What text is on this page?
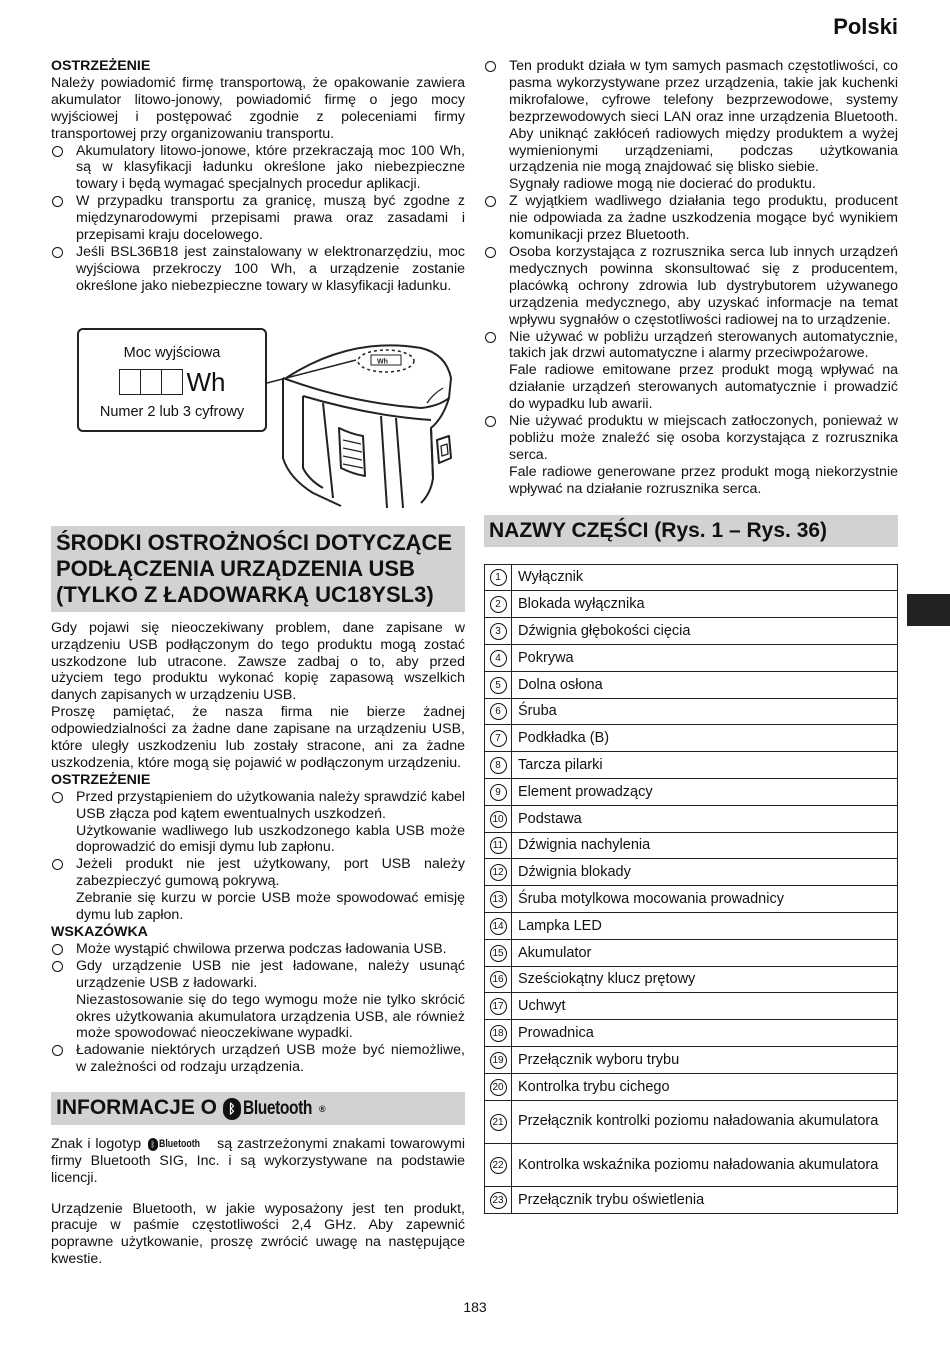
Polski

OSTRZEŻENIE

Należy powiadomić firmę transportową, że opakowanie zawiera akumulator litowo-jonowy, powiadomić firmę o jego mocy wyjściowej i postępować zgodnie z poleceniami firmy transportowej przy organizowaniu transportu.

Akumulatory litowo-jonowe, które przekraczają moc 100 Wh, są w klasyfikacji ładunku określone jako niebezpieczne towary i będą wymagać specjalnych procedur aplikacji.

W przypadku transportu za granicę, muszą być zgodne z międzynarodowymi przepisami prawa oraz zasadami i przepisami kraju docelowego.

Jeśli BSL36B18 jest zainstalowany w elektronarzędziu, moc wyjściowa przekroczy 100 Wh, a urządzenie zostanie określone jako niebezpieczne towary w klasyfikacji ładunku.

Wh
Moc wyjściowa
Wh
Numer 2 lub 3 cyfrowy
ŚRODKI OSTROŻNOŚCI DOTYCZĄCE
PODŁĄCZENIA URZĄDZENIA USB
(TYLKO Z ŁADOWARKĄ UC18YSL3)

Gdy pojawi się nieoczekiwany problem, dane zapisane w urządzeniu USB podłączonym do tego produktu mogą zostać uszkodzone lub utracone. Zawsze zadbaj o to, aby przed użyciem tego produktu wykonać kopię zapasową wszelkich danych zapisanych w urządzeniu USB.

Proszę pamiętać, że nasza firma nie bierze żadnej odpowiedzialności za żadne dane zapisane na urządzeniu USB, które uległy uszkodzeniu lub zostały stracone, ani za żadne uszkodzenia, które mogą się pojawić w podłączonym urządzeniu.

OSTRZEŻENIE

Przed przystąpieniem do użytkowania należy sprawdzić kabel USB złącza pod kątem ewentualnych uszkodzeń.

Użytkowanie wadliwego lub uszkodzonego kabla USB może doprowadzić do emisji dymu lub zapłonu.

Jeżeli produkt nie jest użytkowany, port USB należy zabezpieczyć gumową pokrywą.

Zebranie się kurzu w porcie USB może spowodować emisję dymu lub zapłon.

WSKAZÓWKA

Może wystąpić chwilowa przerwa podczas ładowania USB.

Gdy urządzenie USB nie jest ładowane, należy usunąć urządzenie USB z ładowarki.

Niezastosowanie się do tego wymogu może nie tylko skrócić okres użytkowania akumulatora urządzenia USB, ale również może spowodować nieoczekiwane wypadki.

Ładowanie niektórych urządzeń USB może być niemożliwe, w zależności od rodzaju urządzenia.

INFORMACJE O ᛒ Bluetooth ®

Znak i logotyp	ᛒ Bluetooth są zastrzeżonymi znakami towarowymi firmy Bluetooth SIG, Inc. i są wykorzystywane na podstawie licencji.

Urządzenie Bluetooth, w jakie wyposażony jest ten produkt, pracuje w paśmie częstotliwości 2,4 GHz. Aby zapewnić poprawne użytkowanie, proszę zwrócić uwagę na następujące kwestie.

Ten produkt działa w tym samych pasmach częstotliwości, co pasma wykorzystywane przez urządzenia, takie jak kuchenki mikrofalowe, cyfrowe telefony bezprzewodowe, systemy bezprzewodowych sieci LAN oraz inne urządzenia Bluetooth. Aby uniknąć zakłóceń radiowych między produktem a wyżej wymienionymi urządzeniami, podczas użytkowania urządzenia nie mogą znajdować się blisko siebie.

Sygnały radiowe mogą nie docierać do produktu.

Z wyjątkiem wadliwego działania tego produktu, producent nie odpowiada za żadne uszkodzenia mogące być wynikiem komunikacji przez Bluetooth.

Osoba korzystająca z rozrusznika serca lub innych urządzeń medycznych powinna skonsultować się z producentem, placówką ochrony zdrowia lub dystrybutorem używanego urządzenia medycznego, aby uzyskać informacje na temat wpływu sygnałów o częstotliwości radiowej na to urządzenie.

Nie używać w pobliżu urządzeń sterowanych automatycznie, takich jak drzwi automatyczne i alarmy przeciwpożarowe.

Fale radiowe emitowane przez produkt mogą wpływać na działanie urządzeń sterowanych automatycznie i prowadzić do wypadku lub awarii.

Nie używać produktu w miejscach zatłoczonych, ponieważ w pobliżu może znaleźć się osoba korzystająca z rozrusznika serca.

Fale radiowe generowane przez produkt mogą niekorzystnie wpływać na działanie rozrusznika serca.

NAZWY CZĘŚCI (Rys. 1 – Rys. 36)
1	Wyłącznik
2	Blokada wyłącznika
3	Dźwignia głębokości cięcia
4	Pokrywa
5	Dolna osłona
6	Śruba
7	Podkładka (B)
8	Tarcza pilarki
9	Element prowadzący
10	Podstawa
11	Dźwignia nachylenia
12	Dźwignia blokady
13	Śruba motylkowa mocowania prowadnicy
14	Lampka LED
15	Akumulator
16	Sześciokątny klucz prętowy
17	Uchwyt
18	Prowadnica
19	Przełącznik wyboru trybu
20	Kontrolka trybu cichego
21	Przełącznik kontrolki poziomu naładowania akumulatora
22	Kontrolka wskaźnika poziomu naładowania akumulatora
23	Przełącznik trybu oświetlenia
183
